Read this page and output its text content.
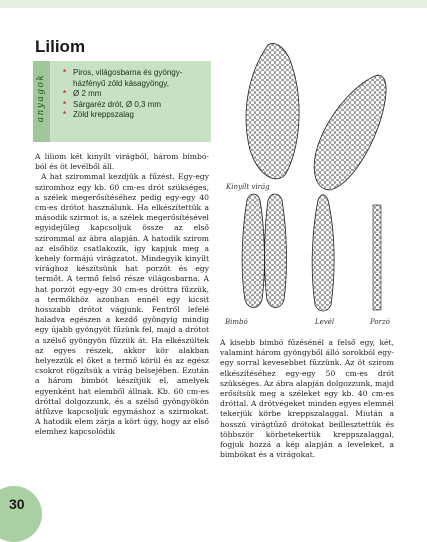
Liliom
anyagok
* Piros, világosbarna és gyöngy-házfényű zöld kásagyöngy,
* Ø 2 mm
* Sárgaréz drót, Ø 0,3 mm
* Zöld kreppszalag

A liliom két kinyílt virágból, három bimbó-ból és öt levélből áll.

A hat szirommal kezdjük a fűzést. Egy-egy sziromhoz egy kb. 60 cm-es drót szükséges, a szélek megerősítéséhez pedig egy-egy 40 cm-es drótot használunk. Ha elkészítettük a második szirmot is, a szélek megerősítésével egyidejűleg kapcsoljuk össze az első szirommal az ábra alapján. A hatodik szirom az elsőhöz csatlakozik, így kapjuk meg a kehely formájú virágzatot. Mindegyik kinyílt virághoz készítsünk hat porzót és egy termőt. A termő felső része világosbarna. A hat porzót egy-egy 30 cm-es dróttra fűzzük, a termőkhöz azonban ennél egy kicsit hosszabb drótot vágjunk. Fentről lefelé haladva egészen a kezdő gyöngyig mindig egy újabb gyöngyöt fűzünk fel, majd a drótot a szélső gyöngyön fűzzük át. Ha elkészültek az egyes részek, akkor kör alakban helyezzük el őket a termő körül és az egész csokrot rögzítsük a virág belsejében. Ezután a három bimbót készítjük el, amelyek egyenként hat elemből állnak. Kb. 60 cm-es dróttal dolgozzunk, és a szélső gyöngyökön átfűzve kapcsoljuk egymáshoz a szirmokat. A hatodik elem zárja a kört úgy, hogy az első elemhez kapcsolódik

A kisebb bimbó fűzésénél a felső egy, két, valamint három gyöngyből álló sorokból egy-egy sorral kevesebbet fűzzünk. Az öt szirom elkészítéséhez egy-egy 50 cm-es drót szükséges. Az ábra alapján dolgozzunk, majd erősítsük meg a széleket egy kb. 40 cm-es dróttal. A drótvégeket minden egyes elemnél tekerjük körbe kreppszalaggal. Miután a hosszú virágtűző drótokat beillesztettük és többször körbetekertük kreppszalaggal, fogjuk hozzá a kép alapján a leveleket, a bimbókat és a virágokat.

Kinyílt virág
Bimbó	Levél	Porzó
30
